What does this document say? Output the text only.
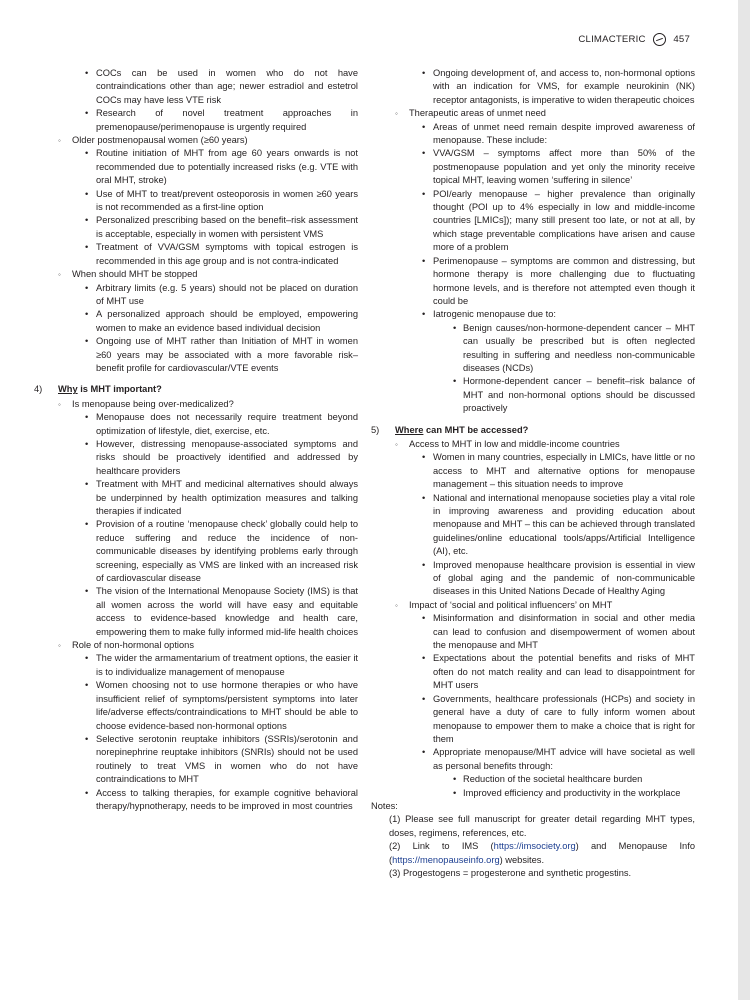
CLIMACTERIC	457
• COCs can be used in women who do not have contraindications other than age; newer estradiol and estetrol COCs may have less VTE risk
• Research of novel treatment approaches in premenopause/perimenopause is urgently required
◦ Older postmenopausal women (≥60 years)
• Routine initiation of MHT from age 60 years onwards is not recommended due to potentially increased risks (e.g. VTE with oral MHT, stroke)
• Use of MHT to treat/prevent osteoporosis in women ≥60 years is not recommended as a first-line option
• Personalized prescribing based on the benefit–risk assessment is acceptable, especially in women with persistent VMS
• Treatment of VVA/GSM symptoms with topical estrogen is recommended in this age group and is not contra-indicated
◦ When should MHT be stopped
• Arbitrary limits (e.g. 5 years) should not be placed on duration of MHT use
• A personalized approach should be employed, empowering women to make an evidence based individual decision
• Ongoing use of MHT rather than Initiation of MHT in women ≥60 years may be associated with a more favorable risk–benefit profile for cardiovascular/VTE events
4) Why is MHT important?
◦ Is menopause being over-medicalized?
• Menopause does not necessarily require treatment beyond optimization of lifestyle, diet, exercise, etc.
• However, distressing menopause-associated symptoms and risks should be proactively identified and addressed by healthcare providers
• Treatment with MHT and medicinal alternatives should always be underpinned by health optimization measures and talking therapies if indicated
• Provision of a routine ‘menopause check’ globally could help to reduce suffering and reduce the incidence of non-communicable diseases by identifying problems early through screening, especially as VMS are linked with an increased risk of cardiovascular disease
• The vision of the International Menopause Society (IMS) is that all women across the world will have easy and equitable access to evidence-based knowledge and health care, empowering them to make fully informed mid-life health choices
◦ Role of non-hormonal options
• The wider the armamentarium of treatment options, the easier it is to individualize management of menopause
• Women choosing not to use hormone therapies or who have insufficient relief of symptoms/persistent symptoms into later life/adverse effects/contraindications to MHT should be able to choose evidence-based non-hormonal options
• Selective serotonin reuptake inhibitors (SSRIs)/serotonin and norepinephrine reuptake inhibitors (SNRIs) should not be used routinely to treat VMS in women who do not have contraindications to MHT
• Access to talking therapies, for example cognitive behavioral therapy/hypnotherapy, needs to be improved in most countries
• Ongoing development of, and access to, non-hormonal options with an indication for VMS, for example neurokinin (NK) receptor antagonists, is imperative to widen therapeutic choices
◦ Therapeutic areas of unmet need
• Areas of unmet need remain despite improved awareness of menopause. These include:
• VVA/GSM – symptoms affect more than 50% of the postmenopause population and yet only the minority receive topical MHT, leaving women ‘suffering in silence’
• POI/early menopause – higher prevalence than originally thought (POI up to 4% especially in low and middle-income countries [LMICs]); many still present too late, or not at all, by which stage preventable complications have arisen and cause more of a problem
• Perimenopause – symptoms are common and distressing, but hormone therapy is more challenging due to fluctuating hormone levels, and is therefore not attempted even though it could be
• Iatrogenic menopause due to:
• Benign causes/non-hormone-dependent cancer – MHT can usually be prescribed but is often neglected resulting in suffering and needless non-communicable diseases (NCDs)
• Hormone-dependent cancer – benefit–risk balance of MHT and non-hormonal options should be discussed proactively
5) Where can MHT be accessed?
◦ Access to MHT in low and middle-income countries
• Women in many countries, especially in LMICs, have little or no access to MHT and alternative options for menopause management – this situation needs to improve
• National and international menopause societies play a vital role in improving awareness and providing education about menopause and MHT – this can be achieved through translated guidelines/online educational tools/apps/Artificial Intelligence (AI), etc.
• Improved menopause healthcare provision is essential in view of global aging and the pandemic of non-communicable diseases in this United Nations Decade of Healthy Aging
◦ Impact of ‘social and political influencers’ on MHT
• Misinformation and disinformation in social and other media can lead to confusion and disempowerment of women about the menopause and MHT
• Expectations about the potential benefits and risks of MHT often do not match reality and can lead to disappointment for MHT users
• Governments, healthcare professionals (HCPs) and society in general have a duty of care to fully inform women about menopause to empower them to make a choice that is right for them
• Appropriate menopause/MHT advice will have societal as well as personal benefits through:
• Reduction of the societal healthcare burden
• Improved efficiency and productivity in the workplace
Notes:
(1) Please see full manuscript for greater detail regarding MHT types, doses, regimens, references, etc.
(2) Link to IMS (https://imsociety.org) and Menopause Info (https://menopauseinfo.org) websites.
(3) Progestogens = progesterone and synthetic progestins.
